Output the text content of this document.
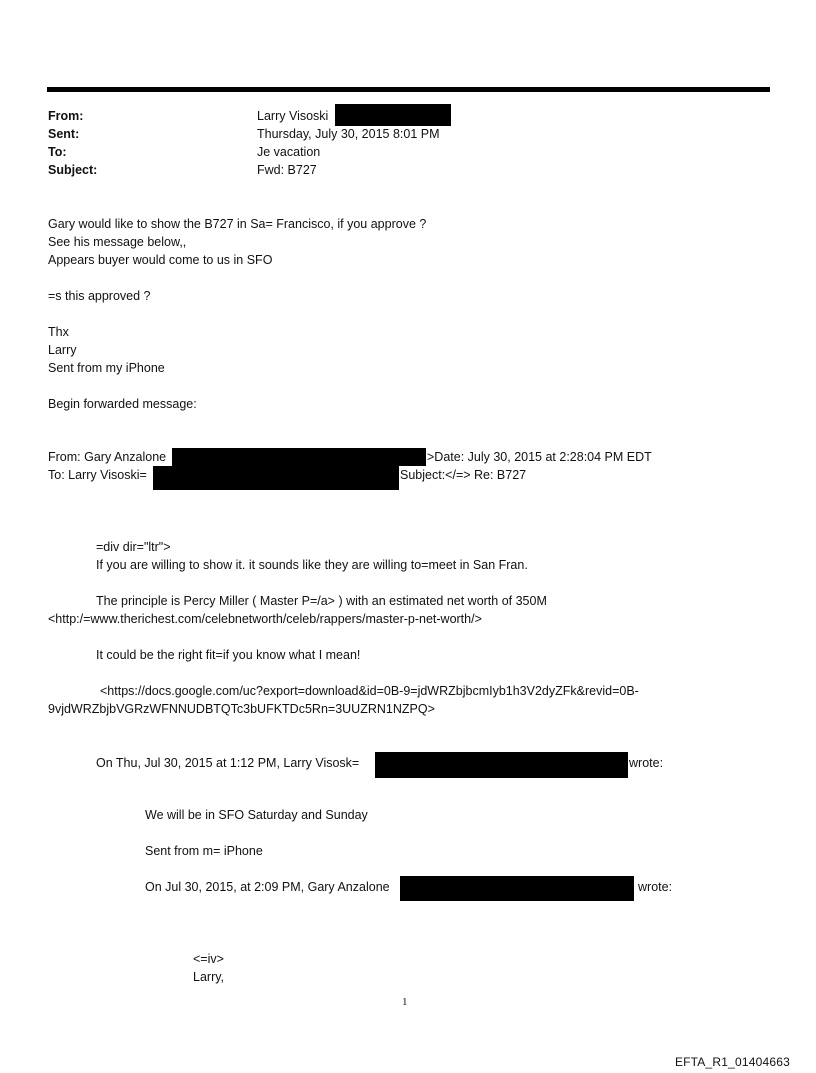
From:	Larry Visoski
Sent:	Thursday, July 30, 2015 8:01 PM
To:	Je vacation
Subject:	Fwd: B727
Gary would like to show the B727 in Sa= Francisco, if you approve ?
See his message below,,
Appears buyer would come to us in SFO
=s this approved ?
Thx
Larry
Sent from my iPhone
Begin forwarded message:
From: Gary Anzalone	>Date: July 30, 2015 at 2:28:04 PM EDT
To: Larry Visoski=	Subject:</=> Re: B727
=div dir="ltr">
If you are willing to show it. it sounds like they are willing to=meet in San Fran.
The principle is Percy Miller ( Master P=/a> ) with an estimated net worth of 350M
<http:/=www.therichest.com/celebnetworth/celeb/rappers/master-p-net-worth/>
It could be the right fit=if you know what I mean!
<https://docs.google.com/uc?export=download&id=0B-9=jdWRZbjbcmIyb1h3V2dyZFk&revid=0B-
9vjdWRZbjbVGRzWFNNUDBTQTc3bUFKTDc5Rn=3UUZRN1NZPQ>
On Thu, Jul 30, 2015 at 1:12 PM, Larry Visosk=	wrote:
We will be in SFO Saturday and Sunday
Sent from m= iPhone
On Jul 30, 2015, at 2:09 PM, Gary Anzalone	wrote:
<=iv>
Larry,
1
EFTA_R1_01404663
